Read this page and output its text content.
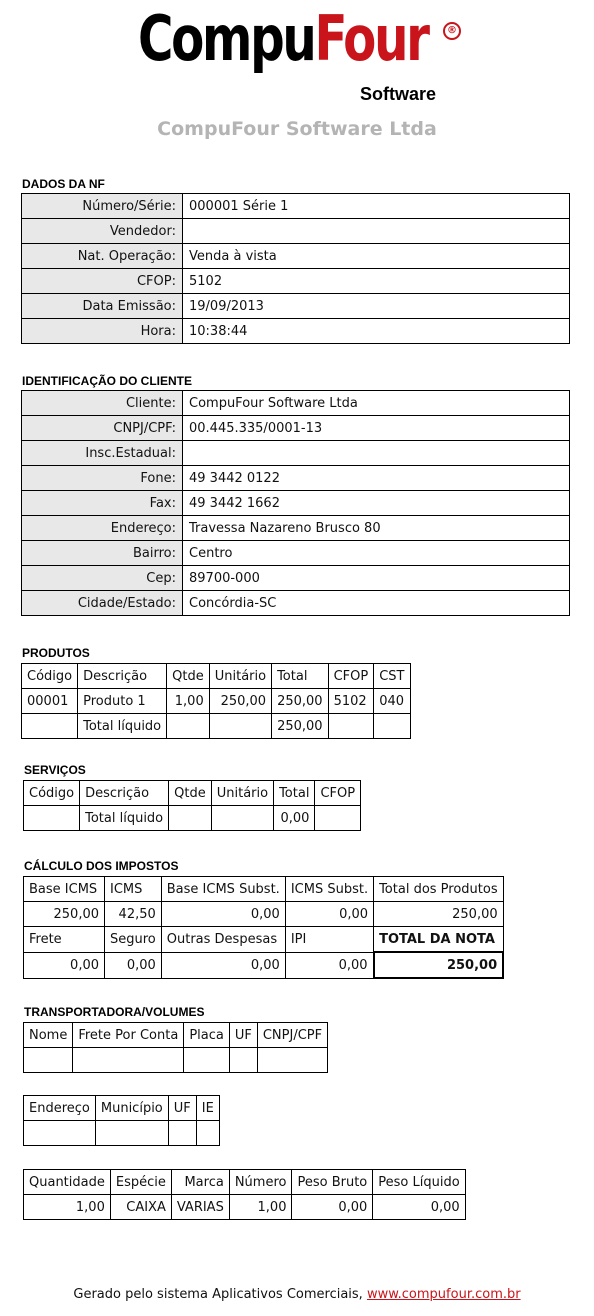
CompuFour	®
Software
CompuFour Software Ltda
DADOS DA NF
Número/Série:	000001 Série 1
Vendedor:	
Nat. Operação:	Venda à vista
CFOP:	5102
Data Emissão:	19/09/2013
Hora:	10:38:44
IDENTIFICAÇÃO DO CLIENTE
Cliente:	CompuFour Software Ltda
CNPJ/CPF:	00.445.335/0001-13
Insc.Estadual:	
Fone:	49 3442 0122
Fax:	49 3442 1662
Endereço:	Travessa Nazareno Brusco 80
Bairro:	Centro
Cep:	89700-000
Cidade/Estado:	Concórdia-SC
PRODUTOS
Código	Descrição	Qtde	Unitário	Total	CFOP	CST
00001	Produto 1	1,00	250,00	250,00	5102	040
	Total líquido			250,00		
SERVIÇOS
Código	Descrição	Qtde	Unitário	Total	CFOP
	Total líquido			0,00	
CÁLCULO DOS IMPOSTOS
Base ICMS	ICMS	Base ICMS Subst.	ICMS Subst.	Total dos Produtos
250,00	42,50	0,00	0,00	250,00
Frete	Seguro	Outras Despesas	IPI	TOTAL DA NOTA
0,00	0,00	0,00	0,00	250,00
TRANSPORTADORA/VOLUMES
Nome	Frete Por Conta	Placa	UF	CNPJ/CPF

Endereço	Município	UF	IE

Quantidade	Espécie	Marca	Número	Peso Bruto	Peso Líquido
1,00	CAIXA	VARIAS	1,00	0,00	0,00
Gerado pelo sistema Aplicativos Comerciais, www.compufour.com.br
